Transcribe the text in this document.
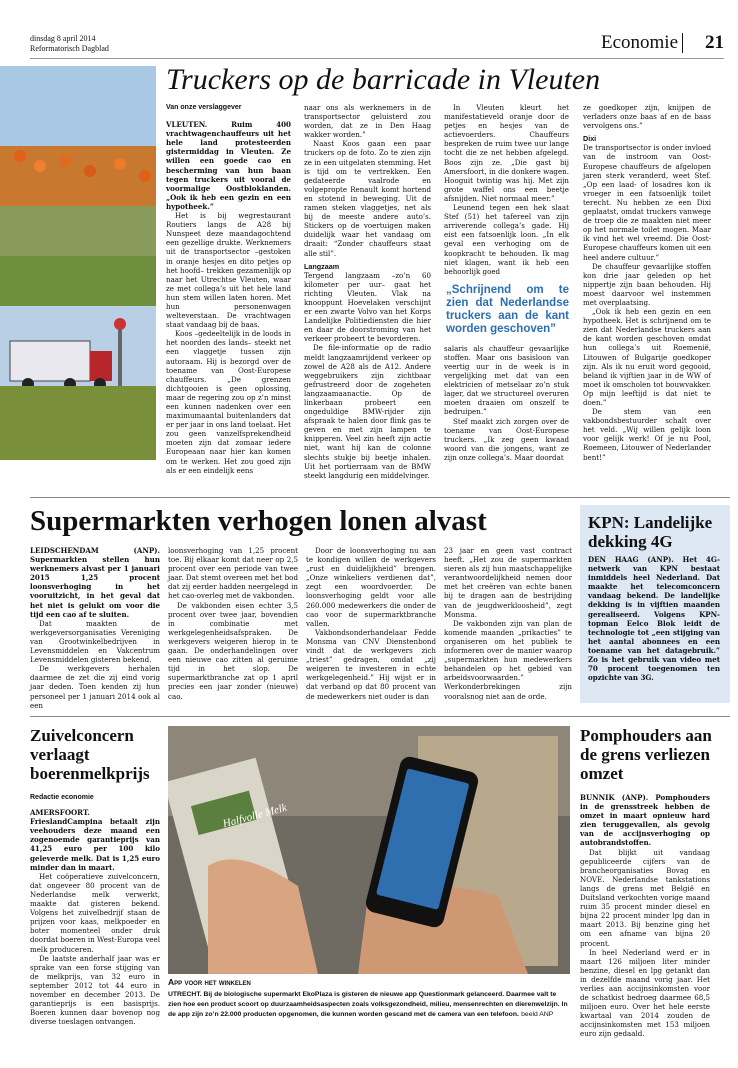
dinsdag 8 april 2014
Reformatorisch Dagblad	Economie 21
Truckers op de barricade in Vleuten
Van onze verslaggever

VLEUTEN. Ruim 400 vrachtwagenchauffeurs uit het hele land protesteerden gistermiddag in Vleuten. Ze willen een goede cao en bescherming van hun baan tegen truckers uit vooral de voormalige Oostbloklanden. „Ook ik heb een gezin en een hypotheek.”

Het is bij wegrestaurant Routiers langs de A28 bij Nunspeet deze maandagochtend een gezellige drukte. Werknemers uit de transportsector –gestoken in oranje hesjes en dito petjes op het hoofd– trekken gezamenlijk op naar het Utrechtse Vleuten, waar ze met collega’s uit het hele land hun stem willen laten horen. Met hun personenwagen welteverstaan. De vrachtwagen staat vandaag bij de baas.

Koos –gedeeltelijk in de loods in het noorden des lands– steekt net een vlaggetje tussen zijn autoraam. Hij is bezorgd over de toename van Oost-Europese chauffeurs. „De grenzen dichtgooien is geen oplossing, maar de regering zou op z’n minst een kunnen nadenken over een maximumaantal buitenlanders dat er per jaar in ons land toelaat. Het zou geen vanzelfsprekendheid moeten zijn dat zomaar iedere Europeaan naar hier kan komen om te werken. Het zou goed zijn als er een eindelijk eens

naar ons als werknemers in de transportsector geluisterd zou worden, dat ze in Den Haag wakker worden.”

Naast Koos gaan een paar truckers op de foto. Zo te zien zijn ze in een uitgelaten stemming. Het is tijd om te vertrekken. Een gedateerde vaalrode en volgepropte Renault komt hortend en stotend in beweging. Uit de ramen steken vlaggetjes, net als bij de meeste andere auto’s. Stickers op de voertuigen maken duidelijk waar het vandaag om draait: “Zonder chauffeurs staat alle stil”.

Langzaam

Tergend langzaam –zo’n 60 kilometer per uur– gaat het richting Vleuten. Vlak na knooppunt Hoevelaken verschijnt er een zwarte Volvo van het Korps Landelijke Politiediensten die hier en daar de doorstroming van het verkeer probeert te bevorderen.

De file-informatie op de radio meldt langzaamrijdend verkeer op zowel de A28 als de A12. Andere weggebruikers zijn zichtbaar gefrustreerd door de zogeheten langzaamaanactie. Op de linkerbaan probeert een ongeduldige BMW-rijder zijn afspraak te halen door flink gas te geven en met zijn lampen te knipperen. Veel zin heeft zijn actie niet, want hij kan de colonne slechts stukje bij beetje inhalen. Uit het portierraam van de BMW steekt langdurig een middelvinger.

In Vleuten kleurt het manifestatieveld oranje door de petjes en hesjes van de actievoerders. Chauffeurs bespreken de ruim twee uur lange tocht die ze net hebben afgelegd. Boos zijn ze. „Die gast bij Amersfoort, in die donkere wagen. Hooguit twintig was hij. Met zijn grote waffel ons een beetje afsnijden. Niet normaal meer.”

Leunend tegen een hek slaat Stef (51) het tafereel van zijn arriverende collega’s gade. Hij eist een fatsoenlijk loon. „In elk geval een verhoging om de koopkracht te behouden. Ik mag niet klagen, want ik heb een behoorlijk goed

„Schrijnend om te zien dat Nederlandse truckers aan de kant worden geschoven”

salaris als chauffeur gevaarlijke stoffen. Maar ons basisloon van veertig uur in de week is in vergelijking met dat van een elektricien of metselaar zo’n stuk lager, dat we structureel overuren moeten draaien om onszelf te bedruipen.”

Stef maakt zich zorgen over de toename van Oost-Europese truckers. „Ik zeg geen kwaad woord van die jongens, want ze zijn onze collega’s. Maar doordat

ze goedkoper zijn, knijpen de verladers onze baas af en de baas vervolgens ons.”

Dixi

De transportsector is onder invloed van de instroom van Oost-Europese chauffeurs de afgelopen jaren sterk veranderd, weet Stef. „Op een laad- of losadres kon ik vroeger in een fatsoenlijk toilet terecht. Nu hebben ze een Dixi geplaatst, omdat truckers vanwege de troep die ze maakten niet meer op het normale toilet mogen. Maar ik vind het wel vreemd. Die Oost-Europese chauffeurs komen uit een heel andere cultuur.”

De chauffeur gevaarlijke stoffen kon drie jaar geleden op het nippertje zijn baan behouden. Hij moest daarvoor wel instemmen met overplaatsing.

„Ook ik heb een gezin en een hypotheek. Het is schrijnend om te zien dat Nederlandse truckers aan de kant worden geschoven omdat hun collega’s uit Roemenië, Litouwen of Bulgarije goedkoper zijn. Als ik nu eruit word gegooid, beland ik vijftien jaar in de WW of moet ik omscholen tot bouwvakker. Op mijn leeftijd is dat niet te doen.”

De stem van een vakbondsbestuurder schalt over het veld. „Wij willen gelijk loon voor gelijk werk! Of je nu Pool, Roemeen, Litouwer of Nederlander bent!”

Supermarkten verhogen lonen alvast

LEIDSCHENDAM (ANP). Supermarkten stellen hun werknemers alvast per 1 januari 2015 1,25 procent loonsverhoging in het vooruitzicht, in het geval dat het niet is gelukt om voor die tijd een cao af te sluiten.

Dat maakten de werkgeversorganisaties Vereniging van Grootwinkelbedrijven in Levensmiddelen en Vakcentrum Levensmiddelen gisteren bekend.

De werkgevers herhalen daarmee de zet die zij eind vorig jaar deden. Toen kenden zij hun personeel per 1 januari 2014 ook al een

loonsverhoging van 1,25 procent toe. Bij elkaar komt dat neer op 2,5 procent over een periode van twee jaar. Dat stemt overeen met het bod dat zij eerder hadden neergelegd in het cao-overleg met de vakbonden.

De vakbonden eisen echter 3,5 procent over twee jaar, bovendien in combinatie met werkgelegenheidsafspraken. De werkgevers weigeren hierop in te gaan. De onderhandelingen over een nieuwe cao zitten al geruime tijd in het slop. De supermarktbranche zat op 1 april precies een jaar zonder (nieuwe) cao.

Door de loonsverhoging nu aan te kondigen willen de werkgevers „rust en duidelijkheid” brengen. „Onze winkeliers verdienen dat”, zegt een woordvoerder. De loonsverhoging geldt voor alle 260.000 medewerkers die onder de cao voor de supermarktbranche vallen.

Vakbondsonderhandelaar Fedde Monsma van CNV Dienstenbond vindt dat de werkgevers zich „triest” gedragen, omdat „zij weigeren te investeren in echte werkgelegenheid.” Hij wijst er in dat verband op dat 80 procent van de medewerkers niet ouder is dan

23 jaar en geen vast contract heeft. „Het zou de supermarkten sieren als zij hun maatschappelijke verantwoordelijkheid nemen door met het creëren van echte banen bij te dragen aan de bestrijding van de jeugdwerkloosheid”, zegt Monsma.

De vakbonden zijn van plan de komende maanden „prikacties” te organiseren om het publiek te informeren over de manier waarop „supermarkten hun medewerkers behandelen op het gebied van arbeidsvoorwaarden.” Werkonderbrekingen zijn vooralsnog niet aan de orde.

KPN: Landelijke dekking 4G

DEN HAAG (ANP). Het 4G-netwerk van KPN bestaat inmiddels heel Nederland. Dat maakte het telecomconcern vandaag bekend. De landelijke dekking is in vijftien maanden gerealiseerd. Volgens KPN-topman Eelco Blok leidt de technologie tot „een stijging van het aantal abonnees en een toename van het datagebruik.” Zo is het gebruik van video met 70 procent toegenomen ten opzichte van 3G.

Zuivelconcern verlaagt boerenmelkprijs
Redactie economie

AMERSFOORT. FrieslandCampina betaalt zijn veehouders deze maand een zogenoemde garantieprijs van 41,25 euro per 100 kilo geleverde melk. Dat is 1,25 euro minder dan in maart.

Het coöperatieve zuivelconcern, dat ongeveer 80 procent van de Nederlandse melk verwerkt, maakte dat gisteren bekend. Volgens het zuivelbedrijf staan de prijzen voor kaas, melkpoeder en boter momenteel onder druk doordat boeren in West-Europa veel melk produceren.

De laatste anderhalf jaar was er sprake van een forse stijging van de melkprijs, van 32 euro in september 2012 tot 44 euro in november en december 2013. De garantieprijs is een basisprijs. Boeren kunnen daar bovenop nog diverse toeslagen ontvangen.

Halfvolle Melk
App voor het winkelen
UTRECHT. Bij de biologische supermarkt EkoPlaza is gisteren de nieuwe app Questionmark gelanceerd. Daarmee valt te zien hoe een product scoort op duurzaamheidsaspecten zoals volksgezondheid, milieu, mensenrechten en dierenwelzijn. In de app zijn zo’n 22.000 producten opgenomen, die kunnen worden gescand met de camera van een telefoon. beeld ANP
Pomphouders aan de grens verliezen omzet

BUNNIK (ANP). Pomphouders in de grensstreek hebben de omzet in maart opnieuw hard zien teruggevallen, als gevolg van de accijnsverhoging op autobrandstoffen.

Dat blijkt uit vandaag gepubliceerde cijfers van de brancheorganisaties Bovag en NOVE. Nederlandse tankstations langs de grens met België en Duitsland verkochten vorige maand ruim 35 procent minder diesel en bijna 22 procent minder lpg dan in maart 2013. Bij benzine ging het om een afname van bijna 20 procent.

In heel Nederland werd er in maart 126 miljoen liter minder benzine, diesel en lpg getankt dan in dezelfde maand vorig jaar. Het verlies aan accijnsinkomsten voor de schatkist bedroeg daarmee 68,5 miljoen euro. Over het hele eerste kwartaal van 2014 zouden de accijnsinkomsten met 153 miljoen euro zijn gedaald.
